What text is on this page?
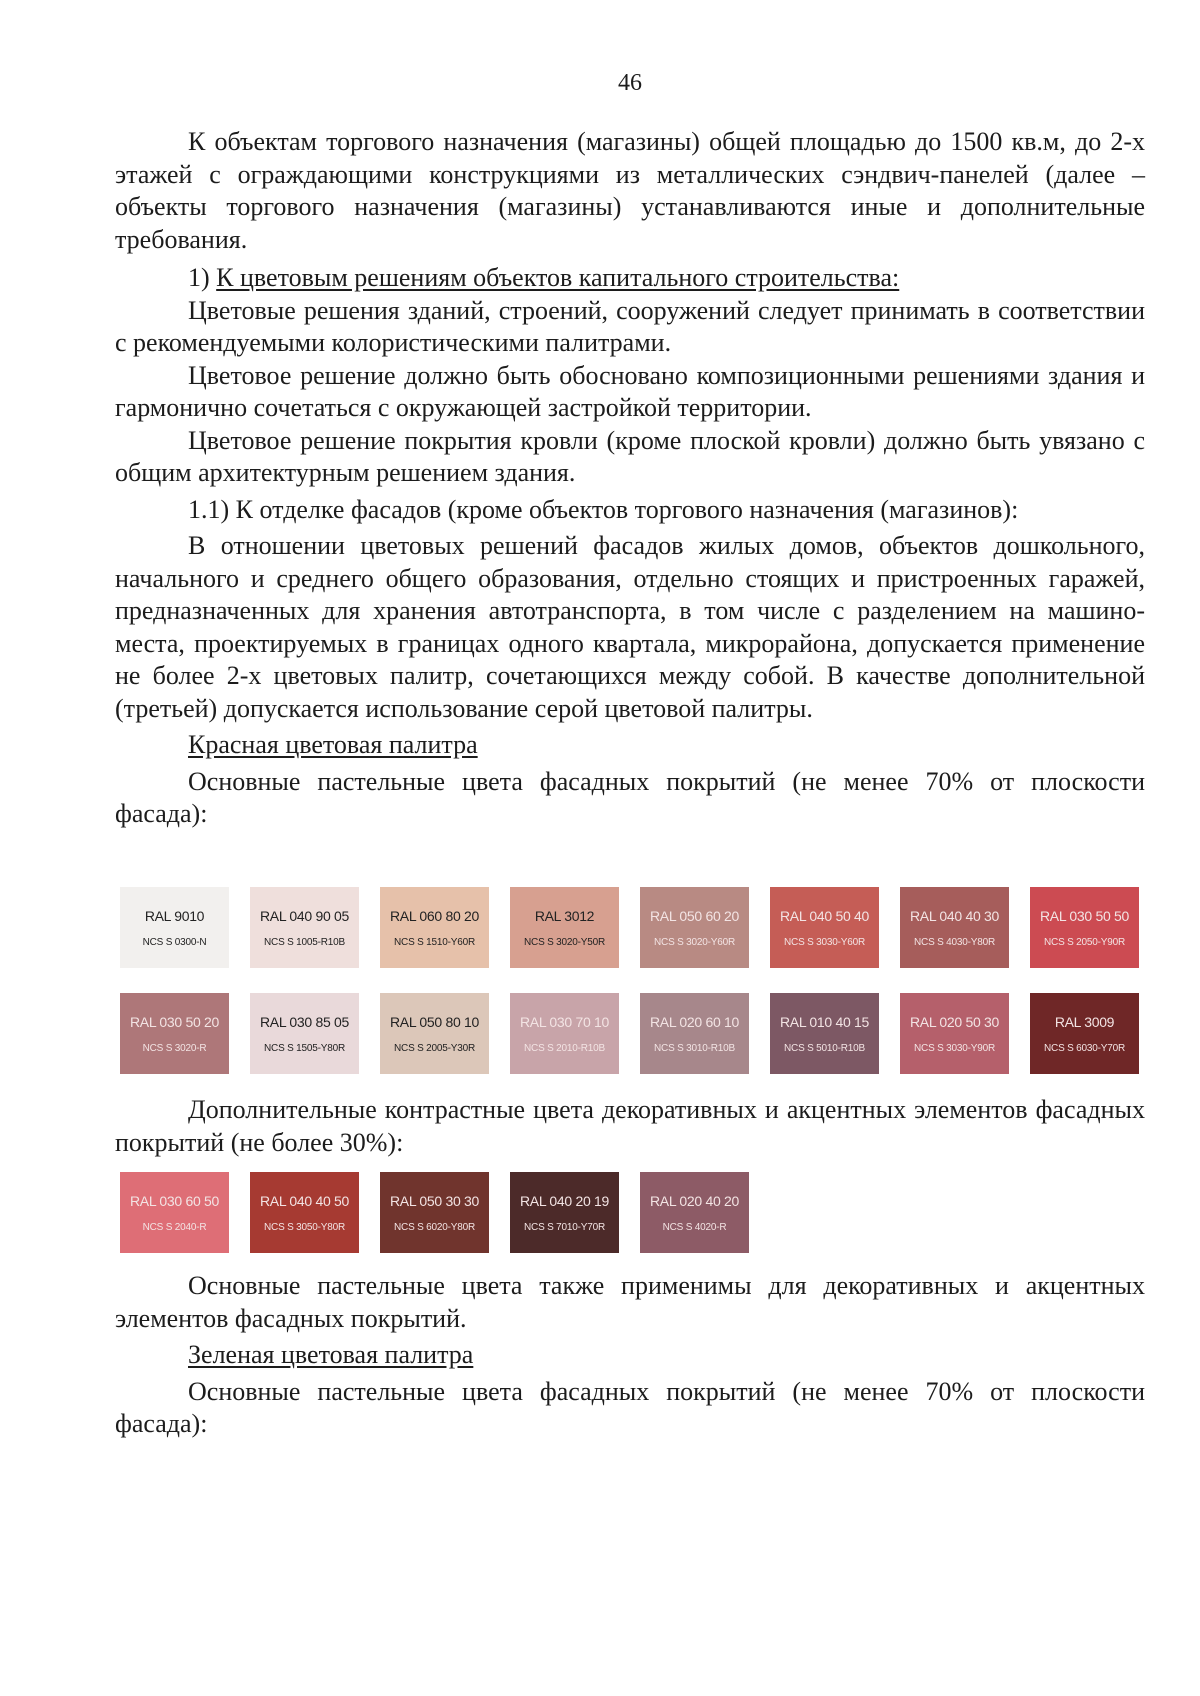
46

К объектам торгового назначения (магазины) общей площадью до 1500 кв.м, до 2-х этажей с ограждающими конструкциями из металлических сэндвич-панелей (далее – объекты торгового назначения (магазины) устанавливаются иные и дополнительные требования.

1) К цветовым решениям объектов капитального строительства:

Цветовые решения зданий, строений, сооружений следует принимать в соответствии с рекомендуемыми колористическими палитрами.

Цветовое решение должно быть обосновано композиционными решениями здания и гармонично сочетаться с окружающей застройкой территории.

Цветовое решение покрытия кровли (кроме плоской кровли) должно быть увязано с общим архитектурным решением здания.

1.1) К отделке фасадов (кроме объектов торгового назначения (магазинов):

В отношении цветовых решений фасадов жилых домов, объектов дошкольного, начального и среднего общего образования, отдельно стоящих и пристроенных гаражей, предназначенных для хранения автотранспорта, в том числе с разделением на машино-места, проектируемых в границах одного квартала, микрорайона, допускается применение не более 2-х цветовых палитр, сочетающихся между собой. В качестве дополнительной (третьей) допускается использование серой цветовой палитры.

Красная цветовая палитра

Основные пастельные цвета фасадных покрытий (не менее 70% от плоскости фасада):

RAL 9010
NCS S 0300-N
RAL 040 90 05
NCS S 1005-R10B
RAL 060 80 20
NCS S 1510-Y60R
RAL 3012
NCS S 3020-Y50R
RAL 050 60 20
NCS S 3020-Y60R
RAL 040 50 40
NCS S 3030-Y60R
RAL 040 40 30
NCS S 4030-Y80R
RAL 030 50 50
NCS S 2050-Y90R
RAL 030 50 20
NCS S 3020-R
RAL 030 85 05
NCS S 1505-Y80R
RAL 050 80 10
NCS S 2005-Y30R
RAL 030 70 10
NCS S 2010-R10B
RAL 020 60 10
NCS S 3010-R10B
RAL 010 40 15
NCS S 5010-R10B
RAL 020 50 30
NCS S 3030-Y90R
RAL 3009
NCS S 6030-Y70R

Дополнительные контрастные цвета декоративных и акцентных элементов фасадных покрытий (не более 30%):

RAL 030 60 50
NCS S 2040-R
RAL 040 40 50
NCS S 3050-Y80R
RAL 050 30 30
NCS S 6020-Y80R
RAL 040 20 19
NCS S 7010-Y70R
RAL 020 40 20
NCS S 4020-R

Основные пастельные цвета также применимы для декоративных и акцентных элементов фасадных покрытий.

Зеленая цветовая палитра

Основные пастельные цвета фасадных покрытий (не менее 70% от плоскости фасада):
